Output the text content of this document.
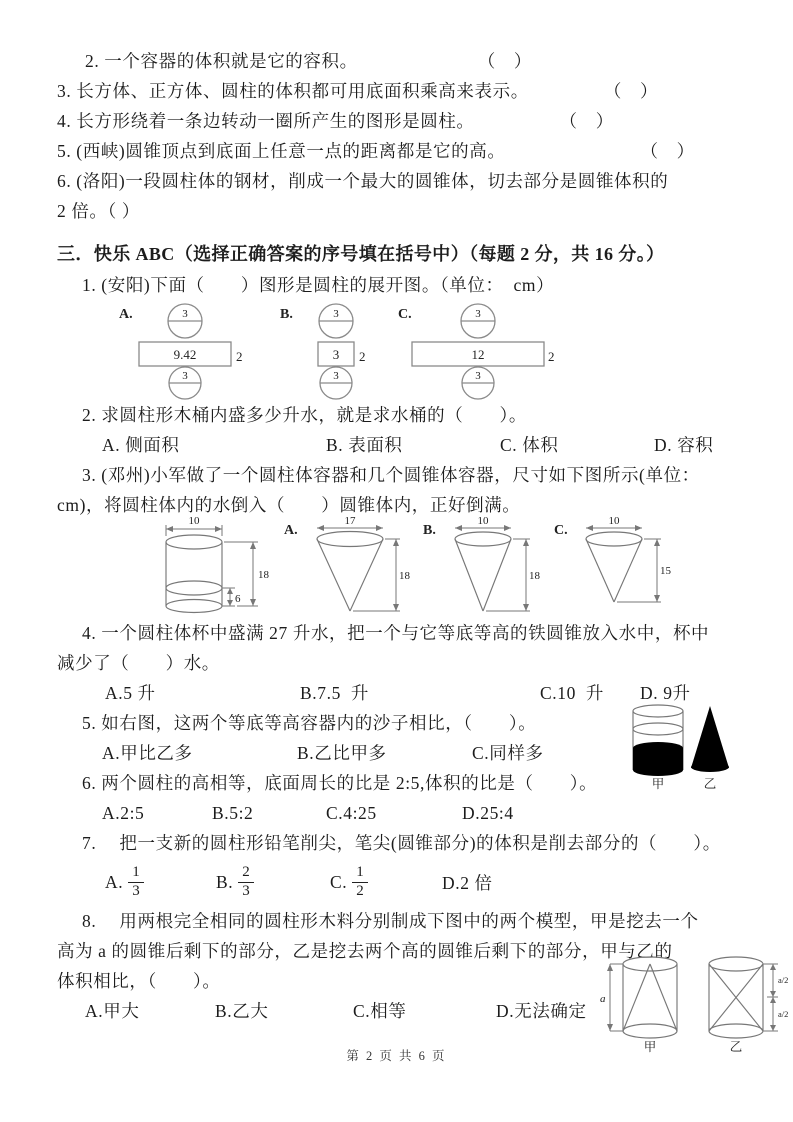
2. 一个容器的体积就是它的容积。	（　）
3. 长方体、正方体、圆柱的体积都可用底面积乘高来表示。	（　）
4. 长方形绕着一条边转动一圈所产生的图形是圆柱。	（　）
5. (西峡)圆锥顶点到底面上任意一点的距离都是它的高。	（　）
6. (洛阳)一段圆柱体的钢材，削成一个最大的圆锥体，切去部分是圆锥体积的
2 倍。（ ）
三．快乐 ABC（选择正确答案的序号填在括号中）（每题 2 分，共 16 分。）
1. (安阳)下面（　　）图形是圆柱的展开图。（单位：  cm）
A.	3
9.42	2
3
B.	3
3 2
3
C.	3
12	2
3
2. 求圆柱形木桶内盛多少升水，就是求水桶的（　　）。
A. 侧面积	B. 表面积	C. 体积	D. 容积
3. (邓州)小军做了一个圆柱体容器和几个圆锥体容器，尺寸如下图所示(单位：
cm)，将圆柱体内的水倒入（　　）圆锥体内，正好倒满。
10
6
18
A.
17
18
B.
10
18
C.
10
15
4. 一个圆柱体杯中盛满 27 升水，把一个与它等底等高的铁圆锥放入水中，杯中
减少了（　　）水。
A.5 升	B.7.5  升	C.10  升	D. 9升
5. 如右图，这两个等底等高容器内的沙子相比，（　　）。
A.甲比乙多	B.乙比甲多	C.同样多
6. 两个圆柱的高相等，底面周长的比是 2:5,体积的比是（　　）。
A.2:5	B.5:2	C.4:25	D.25:4
7.　 把一支新的圆柱形铅笔削尖，笔尖(圆锥部分)的体积是削去部分的（　　）。
A. $\frac{1}{3}$	B. $\frac{2}{3}$	C. $\frac{1}{2}$	D.2 倍
8.　 用两根完全相同的圆柱形木料分别制成下图中的两个模型，甲是挖去一个
高为 a 的圆锥后剩下的部分，乙是挖去两个高的圆锥后剩下的部分，甲与乙的
体积相比，（　　）。
A.甲大	B.乙大	C.相等	D.无法确定
甲	乙
a
甲
a/2
a/2
乙
第 2 页 共 6 页
